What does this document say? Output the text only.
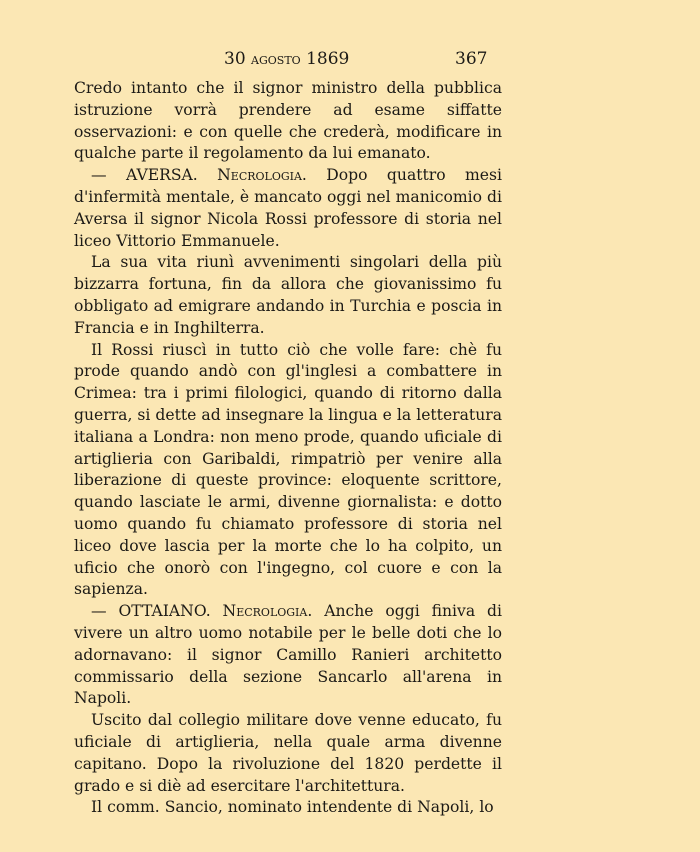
30 agosto 1869	367

Credo intanto che il signor ministro della pubblica istruzione vorrà prendere ad esame siffatte osservazioni: e con quelle che crederà, modificare in qualche parte il regolamento da lui emanato.

— AVERSA. Necrologia. Dopo quattro mesi d'infermità mentale, è mancato oggi nel manicomio di Aversa il signor Nicola Rossi professore di storia nel liceo Vittorio Emmanuele.

La sua vita riunì avvenimenti singolari della più bizzarra fortuna, fin da allora che giovanissimo fu obbligato ad emigrare andando in Turchia e poscia in Francia e in Inghilterra.

Il Rossi riuscì in tutto ciò che volle fare: chè fu prode quando andò con gl'inglesi a combattere in Crimea: tra i primi filologici, quando di ritorno dalla guerra, si dette ad insegnare la lingua e la letteratura italiana a Londra: non meno prode, quando uficiale di artiglieria con Garibaldi, rimpatriò per venire alla liberazione di queste province: eloquente scrittore, quando lasciate le armi, divenne giornalista: e dotto uomo quando fu chiamato professore di storia nel liceo dove lascia per la morte che lo ha colpito, un uficio che onorò con l'ingegno, col cuore e con la sapienza.

— OTTAIANO. Necrologia. Anche oggi finiva di vivere un altro uomo notabile per le belle doti che lo adornavano: il signor Camillo Ranieri architetto commissario della sezione Sancarlo all'arena in Napoli.

Uscito dal collegio militare dove venne educato, fu uficiale di artiglieria, nella quale arma divenne capitano. Dopo la rivoluzione del 1820 perdette il grado e si diè ad esercitare l'architettura.

Il comm. Sancio, nominato intendente di Napoli, lo
